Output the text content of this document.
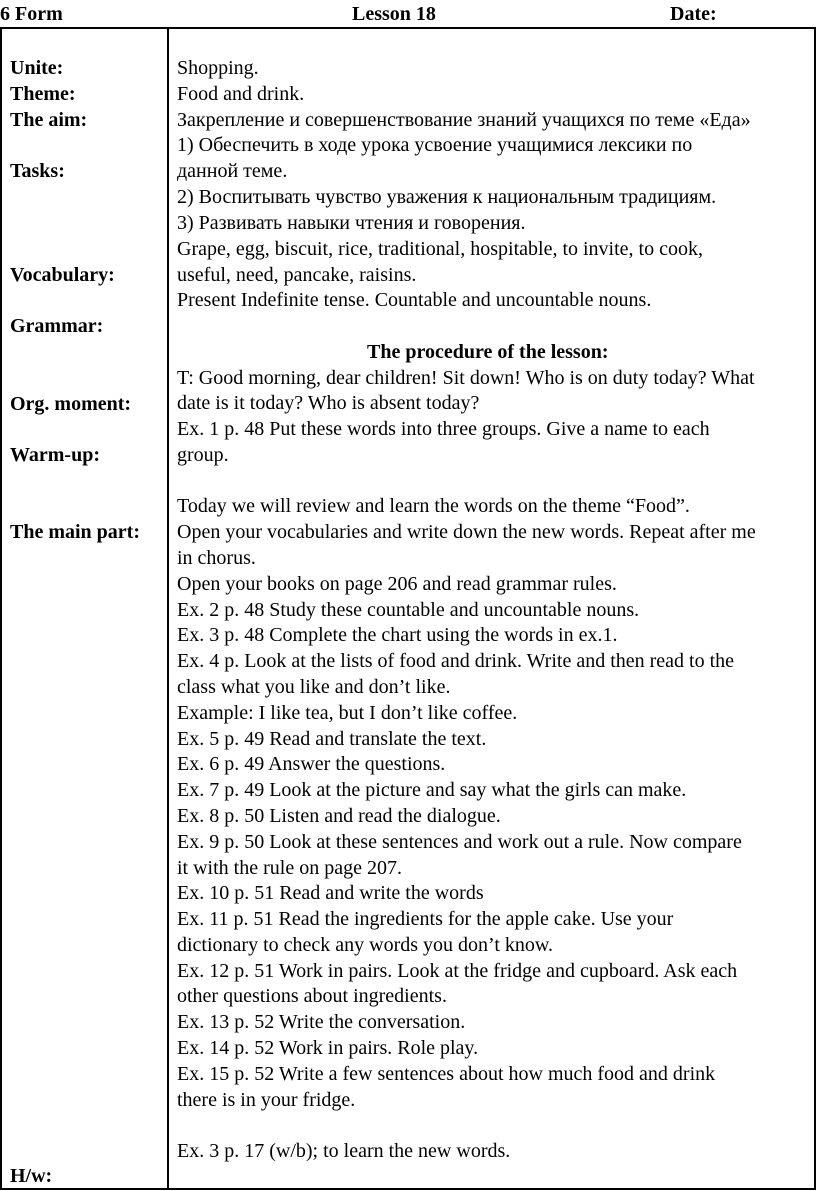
6 Form	Lesson 18	Date:
Unite:
Theme:
The aim:
Tasks:
Vocabulary:
Grammar:
Org. moment:
Warm-up:
The main part:
H/w:
Shopping.
Food and drink.
Закрепление и совершенствование знаний учащихся по теме «Еда»
1) Обеспечить в ходе урока усвоение учащимися лексики по
данной теме.
2) Воспитывать чувство уважения к национальным традициям.
3) Развивать навыки чтения и говорения.
Grape, egg, biscuit, rice, traditional, hospitable, to invite, to cook,
useful, need, pancake, raisins.
Present Indefinite tense. Countable and uncountable nouns.
The procedure of the lesson:
T: Good morning, dear children! Sit down! Who is on duty today? What
date is it today? Who is absent today?
Ex. 1 p. 48 Put these words into three groups. Give a name to each
group.
Today we will review and learn the words on the theme “Food”.
Open your vocabularies and write down the new words. Repeat after me
in chorus.
Open your books on page 206 and read grammar rules.
Ex. 2 p. 48 Study these countable and uncountable nouns.
Ex. 3 p. 48 Complete the chart using the words in ex.1.
Ex. 4 p. Look at the lists of food and drink. Write and then read to the
class what you like and don’t like.
Example: I like tea, but I don’t like coffee.
Ex. 5 p. 49 Read and translate the text.
Ex. 6 p. 49 Answer the questions.
Ex. 7 p. 49 Look at the picture and say what the girls can make.
Ex. 8 p. 50 Listen and read the dialogue.
Ex. 9 p. 50 Look at these sentences and work out a rule. Now compare
it with the rule on page 207.
Ex. 10 p. 51 Read and write the words
Ex. 11 p. 51 Read the ingredients for the apple cake. Use your
dictionary to check any words you don’t know.
Ex. 12 p. 51 Work in pairs. Look at the fridge and cupboard. Ask each
other questions about ingredients.
Ex. 13 p. 52 Write the conversation.
Ex. 14 p. 52 Work in pairs. Role play.
Ex. 15 p. 52 Write a few sentences about how much food and drink
there is in your fridge.
Ex. 3 p. 17 (w/b); to learn the new words.
